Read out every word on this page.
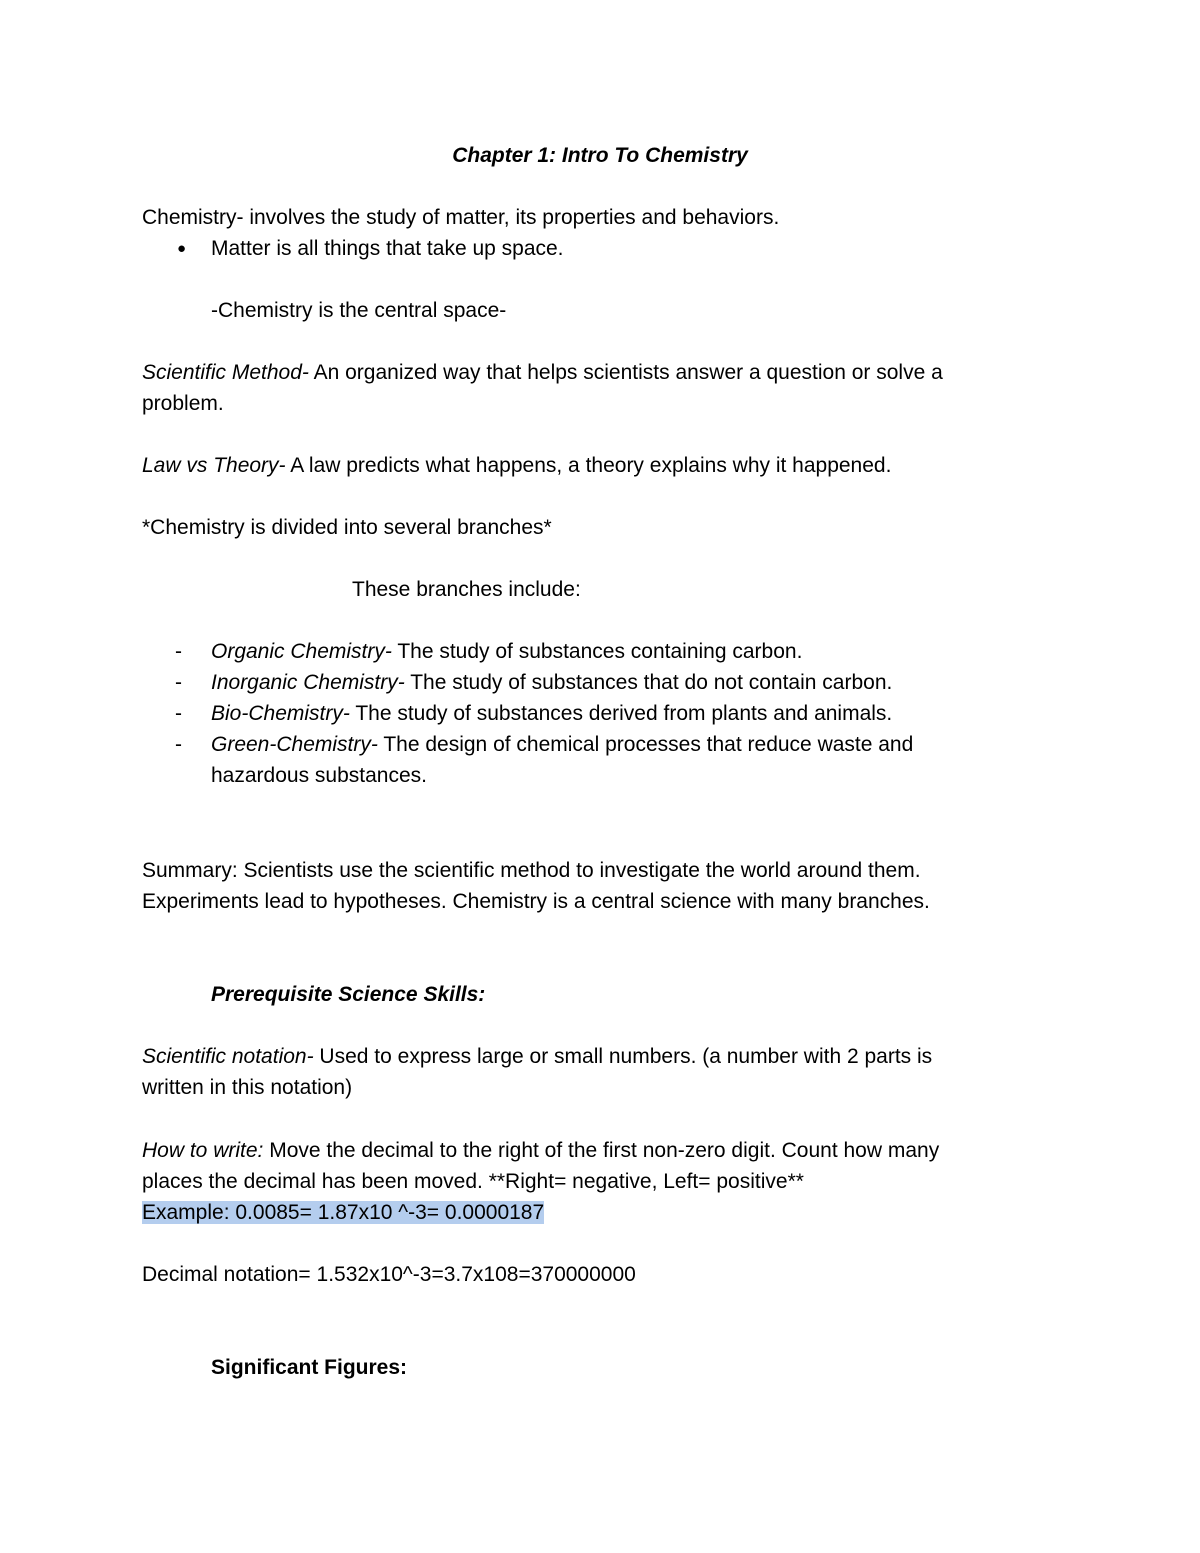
Chapter 1: Intro To Chemistry
Chemistry- involves the study of matter, its properties and behaviors.
● Matter is all things that take up space.
-Chemistry is the central space-
Scientific Method- An organized way that helps scientists answer a question or solve a
problem.
Law vs Theory- A law predicts what happens, a theory explains why it happened.
*Chemistry is divided into several branches*
These branches include:
- Organic Chemistry- The study of substances containing carbon.
- Inorganic Chemistry- The study of substances that do not contain carbon.
- Bio-Chemistry- The study of substances derived from plants and animals.
- Green-Chemistry- The design of chemical processes that reduce waste and
hazardous substances.
Summary: Scientists use the scientific method to investigate the world around them.
Experiments lead to hypotheses. Chemistry is a central science with many branches.
Prerequisite Science Skills:
Scientific notation- Used to express large or small numbers. (a number with 2 parts is
written in this notation)
How to write: Move the decimal to the right of the first non-zero digit. Count how many
places the decimal has been moved. **Right= negative, Left= positive**
Example: 0.0085= 1.87x10 ^-3= 0.0000187
Decimal notation= 1.532x10^-3=3.7x108=370000000
Significant Figures:
